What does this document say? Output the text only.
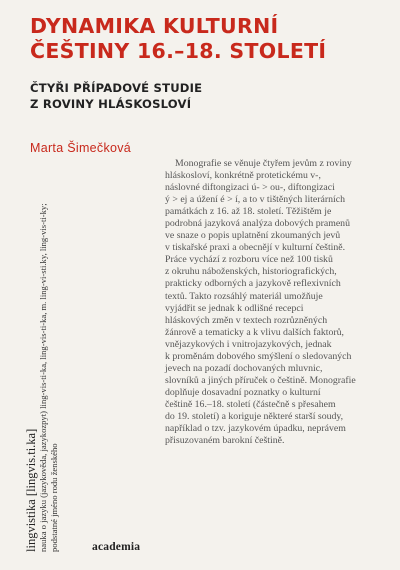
DYNAMIKA KULTURNÍ
ČEŠTINY 16.–18. STOLETÍ
ČTYŘI PŘÍPADOVÉ STUDIE
Z ROVINY HLÁSKOSLOVÍ
Marta Šimečková
Monografie se věnuje čtyřem jevům z roviny
hláskosloví, konkrétně protetickému v-,
náslovné diftongizaci ú- > ou-, diftongizaci
ý > ej a úžení é > í, a to v tištěných literárních
památkách z 16. až 18. století. Těžištěm je
podrobná jazyková analýza dobových pramenů
ve snaze o popis uplatnění zkoumaných jevů
v tiskařské praxi a obecnějí v kulturní češtině.
Práce vychází z rozboru více než 100 tisků
z okruhu náboženských, historiografických,
prakticky odborných a jazykově reflexivních
textů. Takto rozsáhlý materiál umožňuje
vyjádřit se jednak k odlišné recepci
hláskových změn v textech rozrůzněných
žánrově a tematicky a k vlivu dalších faktorů,
vnějazykových i vnitrojazykových, jednak
k proměnám dobového smýšlení o sledovaných
jevech na pozadí dochovaných mluvnic,
slovníků a jiných příruček o češtině. Monografie
doplňuje dosavadní poznatky o kulturní
češtině 16.–18. století (částečně s přesahem
do 19. století) a koriguje některé starší soudy,
například o tzv. jazykovém úpadku, neprávem
přisuzovaném barokní češtině.
lingvistika [lingvis.ti.ka] nauka o jazyku (jazykověda, jazykozpyt) ling-vis-ti-ka, ling-vis-ti-ka, m. ling-vi-sti.ky, ling-vis-ti-ky; podstatné jméno rodu ženského	academia
